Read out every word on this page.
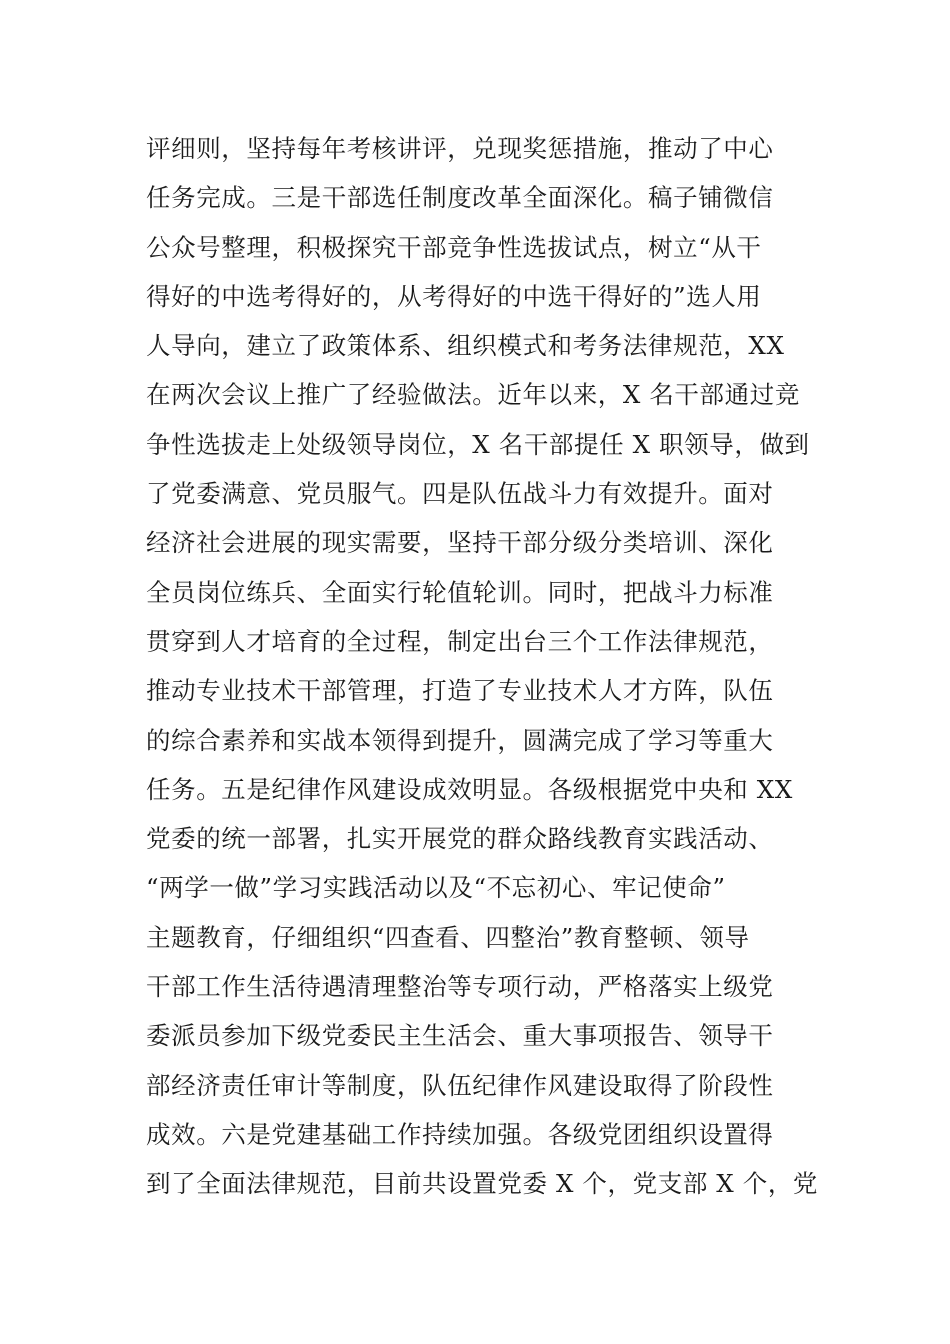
评细则，坚持每年考核讲评，兑现奖惩措施，推动了中心
任务完成。三是干部选任制度改革全面深化。稿子铺微信
公众号整理，积极探究干部竞争性选拔试点，树立“从干
得好的中选考得好的，从考得好的中选干得好的”选人用
人导向，建立了政策体系、组织模式和考务法律规范，XX
在两次会议上推广了经验做法。近年以来，X 名干部通过竞
争性选拔走上处级领导岗位，X 名干部提任 X 职领导，做到
了党委满意、党员服气。四是队伍战斗力有效提升。面对
经济社会进展的现实需要，坚持干部分级分类培训、深化
全员岗位练兵、全面实行轮值轮训。同时，把战斗力标准
贯穿到人才培育的全过程，制定出台三个工作法律规范，
推动专业技术干部管理，打造了专业技术人才方阵，队伍
的综合素养和实战本领得到提升，圆满完成了学习等重大
任务。五是纪律作风建设成效明显。各级根据党中央和 XX
党委的统一部署，扎实开展党的群众路线教育实践活动、
“两学一做”学习实践活动以及“不忘初心、牢记使命”
主题教育，仔细组织“四查看、四整治”教育整顿、领导
干部工作生活待遇清理整治等专项行动，严格落实上级党
委派员参加下级党委民主生活会、重大事项报告、领导干
部经济责任审计等制度，队伍纪律作风建设取得了阶段性
成效。六是党建基础工作持续加强。各级党团组织设置得
到了全面法律规范，目前共设置党委 X 个，党支部 X 个，党
